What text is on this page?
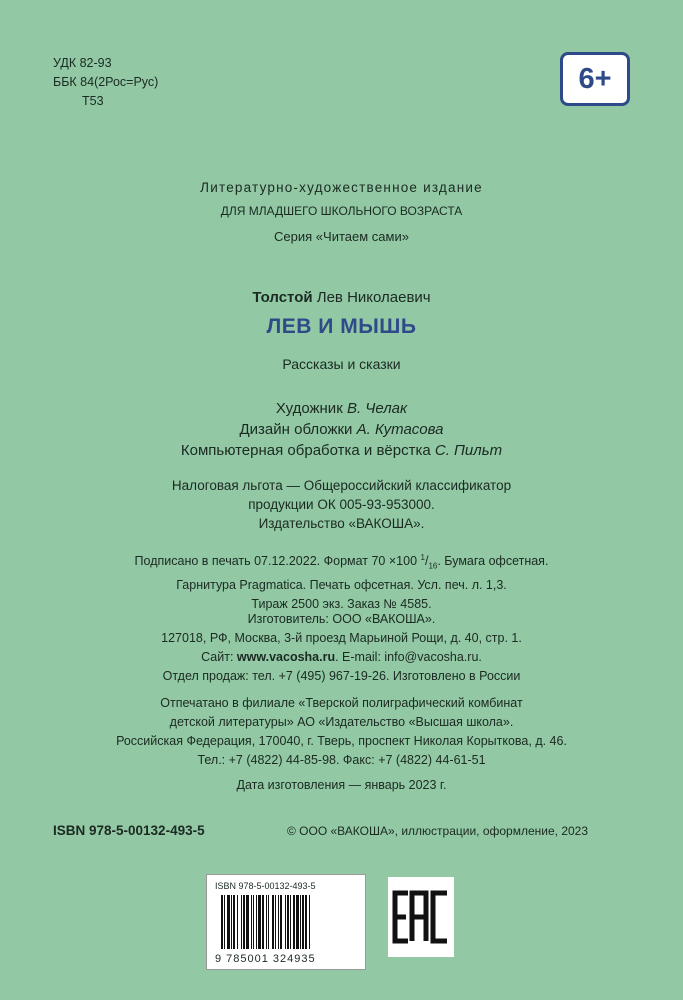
УДК 82-93
ББК 84(2Рос=Рус)
Т53
6+
Литературно-художественное издание
ДЛЯ МЛАДШЕГО ШКОЛЬНОГО ВОЗРАСТА
Серия «Читаем сами»
Толстой Лев Николаевич
ЛЕВ И МЫШЬ
Рассказы и сказки
Художник В. Челак
Дизайн обложки А. Кутасова
Компьютерная обработка и вёрстка С. Пильт
Налоговая льгота — Общероссийский классификатор
продукции ОК 005-93-953000.
Издательство «ВАКОША».
Подписано в печать 07.12.2022. Формат 70 ×100 $^1/_{16}$. Бумага офсетная.
Гарнитура Pragmatica. Печать офсетная. Усл. печ. л. 1,3.
Тираж 2500 экз. Заказ № 4585.
Изготовитель: ООО «ВАКОША».
127018, РФ, Москва, 3-й проезд Марьиной Рощи, д. 40, стр. 1.
Сайт: www.vacosha.ru. E-mail: info@vacosha.ru.
Отдел продаж: тел. +7 (495) 967-19-26. Изготовлено в России
Отпечатано в филиале «Тверской полиграфический комбинат
детской литературы» АО «Издательство «Высшая школа».
Российская Федерация, 170040, г. Тверь, проспект Николая Корыткова, д. 46.
Тел.: +7 (4822) 44-85-98. Факс: +7 (4822) 44-61-51
Дата изготовления — январь 2023 г.
ISBN 978-5-00132-493-5	© ООО «ВАКОША», иллюстрации, оформление, 2023
ISBN 978-5-00132-493-5
9 785001 324935
